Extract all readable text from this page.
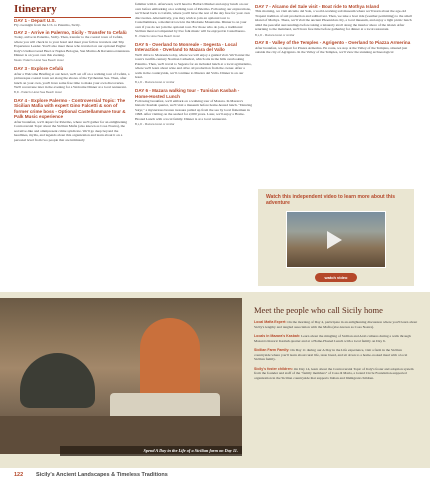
Itinerary
DAY 1 - Depart U.S.

Fly overnight from the U.S. to Palermo, Sicily.

DAY 2 - Arrive in Palermo, Sicily - Transfer to Cefalù

Today, arrive in Palermo, Sicily. Then, transfer to the coastal town of Cefalù, where you will check in to your hotel and meet your fellow travelers and Trip Experience Leader. You'll also meet those who traveled on our optional Puglia: Italy's Undiscovered Heel or Naples Bologna, San Marino & Ravenna extensions. Dinner is on your own this evening.

Meals: Palazzo Hotel Sea Beach Hotel
DAY 3 - Explore Cefalù

After a Welcome Briefing at our hotel, we'll set off on a walking tour of Cefalù, a picturesque coastal town set along the shores of the Tyrrhenian Sea. Then, after lunch on your own, you'll have some free time to make your own discoveries. We'll reconvene later in the evening for a Welcome Dinner at a local restaurant.

B,D - Palazzo Hotel Sea Beach Hotel
DAY 4 - Explore Palermo - Controversial Topic: The Sicilian Mafia with expert Gino Falcetti & son of former crime boss - Optional Castellammare tour & Palk Music experience

After breakfast, we'll depart for Palermo, where we'll gather for an enlightening Controversial Topic about the Sicilian Mafia (also known as Cosa Nostra), the secretive-like and omnipresent crime syndicate. We'll go deep beyond the headlines, myths, and legends about this organization and learn about it on a personal level from two people that are intimately

familiar with it. Afterward, we'll head to Ballarò Market and enjoy lunch on our own before embarking on a walking tour of Palermo. Following our explorations, we'll head back to Cefalù, where you'll have the rest of the day free for your own discoveries. Alternatively, you may wish to join an optional tour to Castellammare, a medieval town in the Madonie Mountains. Dinner is on your own if you do not join the optional tour. For those who do join, a traditional Sicilian meal accompanied by live folk music will be enjoyed in Castelbuono.

B - Palazzo Hotel Sea Beach Hotel
DAY 5 - Overland to Monreale - Segesta - Local Interaction - Overland to Mazara del Vallo

We'll drive to Monreale today, where we will enjoy a guided visit. We'll enter the town's twelfth-century Norman Cathedral, which sits in the hills overlooking Palermo. Then, we'll travel to Segesta for an included lunch at a local agriturismo, where we'll learn about wine and olive oil production from the owner. After a walk in the countryside, we'll continue to Mazara del Vallo. Dinner is on our hotel.

B,L,D - Mazara Hotel or similar
DAY 6 - Mazara walking tour - Tunisian Kasbah - Home-Hosted Lunch

Following breakfast, we'll embark on a walking tour of Mazara. In Mazara's historic Kasbah quarter, we'll visit a museum before home-hosted lunch. "Dancing Satyr," a mysterious bronze treasure pulled up from the sea by local fishermen in 1998. After visiting on the seabed for 2,000 years. Later, we'll enjoy a Home-Hosted Lunch with a local family. Dinner is at a local restaurant.

B,L,D - Mazara Hotel or similar
DAY 7 - Alcamo del Sale visit - Boat ride to Mothya Island

This morning, we visit Alcamo del Sale, a world-working salt museum where we'll learn about the age-old Trapani tradition of salt production and saltharvest. Then, we take a boat ride (weather permitting) to the small island of Mothya. There, we'll visit the ancient Phoenician city, a local museum, and enjoy a light picnic lunch amid the peaceful surroundings before taking a leisurely stroll along the interior shore of the island. After returning to the mainland, we'll have free time before gathering for dinner at a local restaurant.

B,L,D - Mazara Hotel or similar
DAY 8 - Valley of the Temples - Agrigento - Overland to Piazza Armerina

After breakfast, we depart for Piazza Armerina. En route, we stop at the Valley of the Temples, situated just outside the city of Agrigento. In the Valley of the Temples, we'll view the stunning archaeological

Watch this independent video to learn more about this adventure
watch video
Spend A Day in the Life of a Sicilian farm on Day 11.
Meet the people who call Sicily home

Local Mafia Expert: On the morning of Day 4, participate in an enlightening discussion where you'll learn about Sicily's lengthy and tangled association with the Mafia (also known as Cosa Nostra).

Locals in Mazara's Kasbah: Learn about the mingling of Sicilian and Arab cultures during a walk through Mazara's historic Kasbah quarter and at a Home-Hosted Lunch with a local family on Day 6.

Sicilian Farm Family: On Day 11 during our A Day in the Life experience, visit a farm in the Sicilian countryside where you'll learn about rural life, taste bread, and sit down to a home-cooked meal with a local Sicilian family.

Sicily's foster children: On Day 14, learn about the Controversial Topic of Italy's foster and adoption system from the founder and staff of the "family members" of Casa di Maria, a Grand Circle Foundation-supported organization in the Sicilian countryside that supports Italian and Immigrant children.

122 Sicily's Ancient Landscapes & Timeless Traditions
